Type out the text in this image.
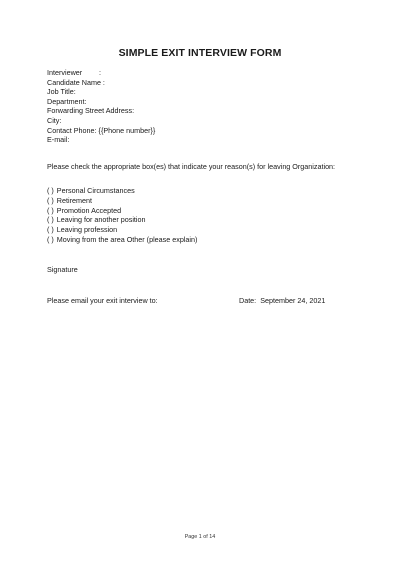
SIMPLE EXIT INTERVIEW FORM
Interviewer :
Candidate Name :
Job Title:
Department:
Forwarding Street Address:
City:
Contact Phone: {{Phone number}}
E-mail:
Please check the appropriate box(es) that indicate your reason(s) for leaving Organization:
( ) Personal Circumstances
( ) Retirement
( ) Promotion Accepted
( ) Leaving for another position
( ) Leaving profession
( ) Moving from the area Other (please explain)
Signature
Please email your exit interview to:	Date: September 24, 2021
Page 1 of 14
